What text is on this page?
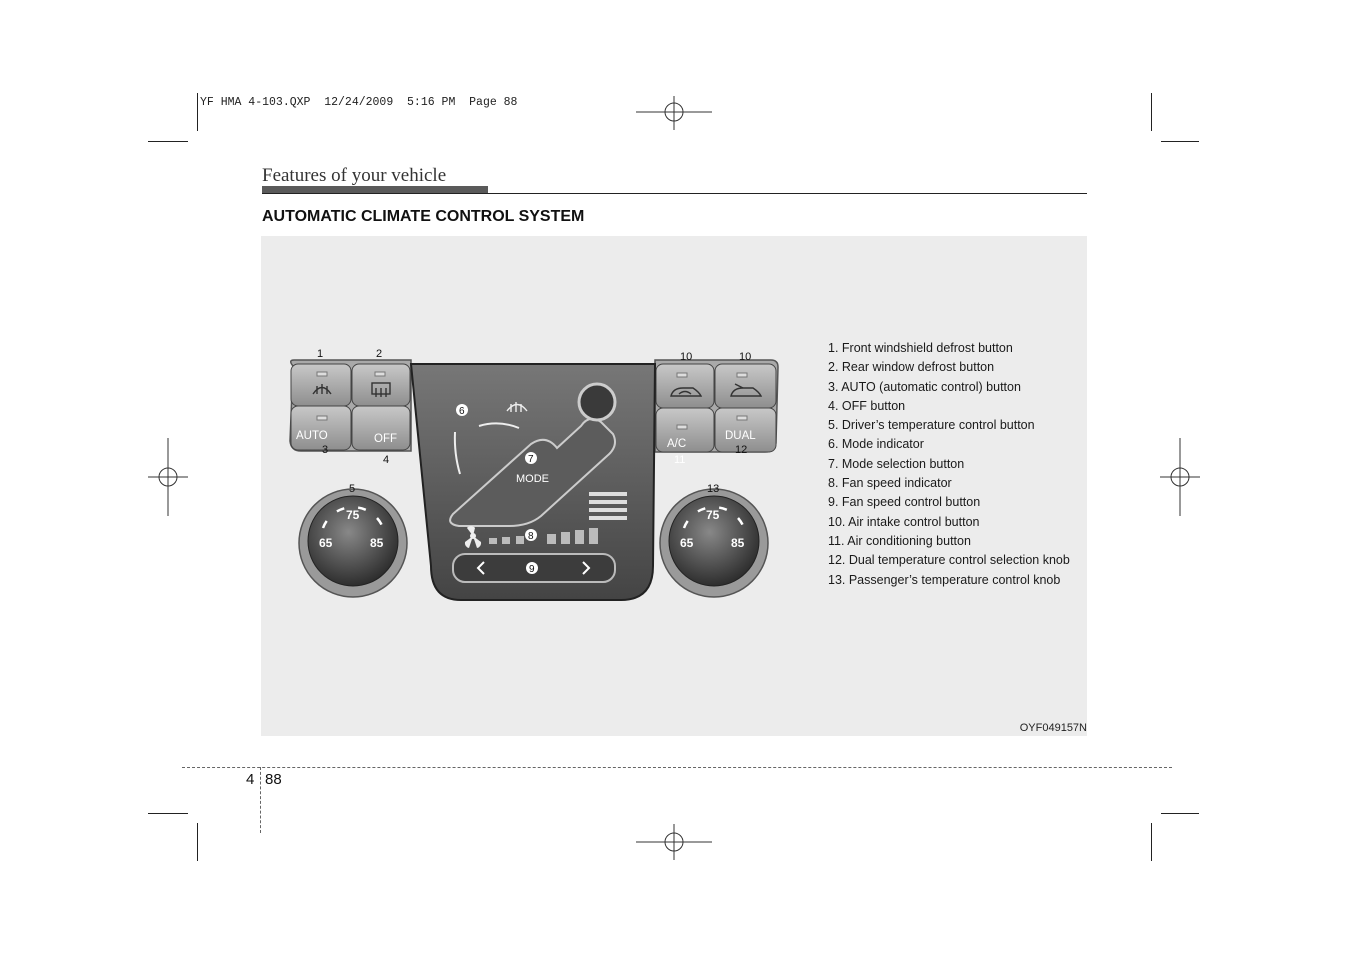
YF HMA 4-103.QXP  12/24/2009  5:16 PM  Page 88
Features of your vehicle
AUTOMATIC CLIMATE CONTROL SYSTEM
AUTO	OFF	A/C
DUAL
MODE
75
65	85
75
65	85
1	2
3
4
5
10	10
11
12
13
6
7
8
9
1. Front windshield defrost button
2. Rear window defrost button
3. AUTO (automatic control) button
4. OFF button
5. Driver’s temperature control button
6. Mode indicator
7. Mode selection button
8. Fan speed indicator
9. Fan speed control button
10. Air intake control button
11. Air conditioning button
12. Dual temperature control selection knob
13. Passenger’s temperature control knob
OYF049157N
4 88
